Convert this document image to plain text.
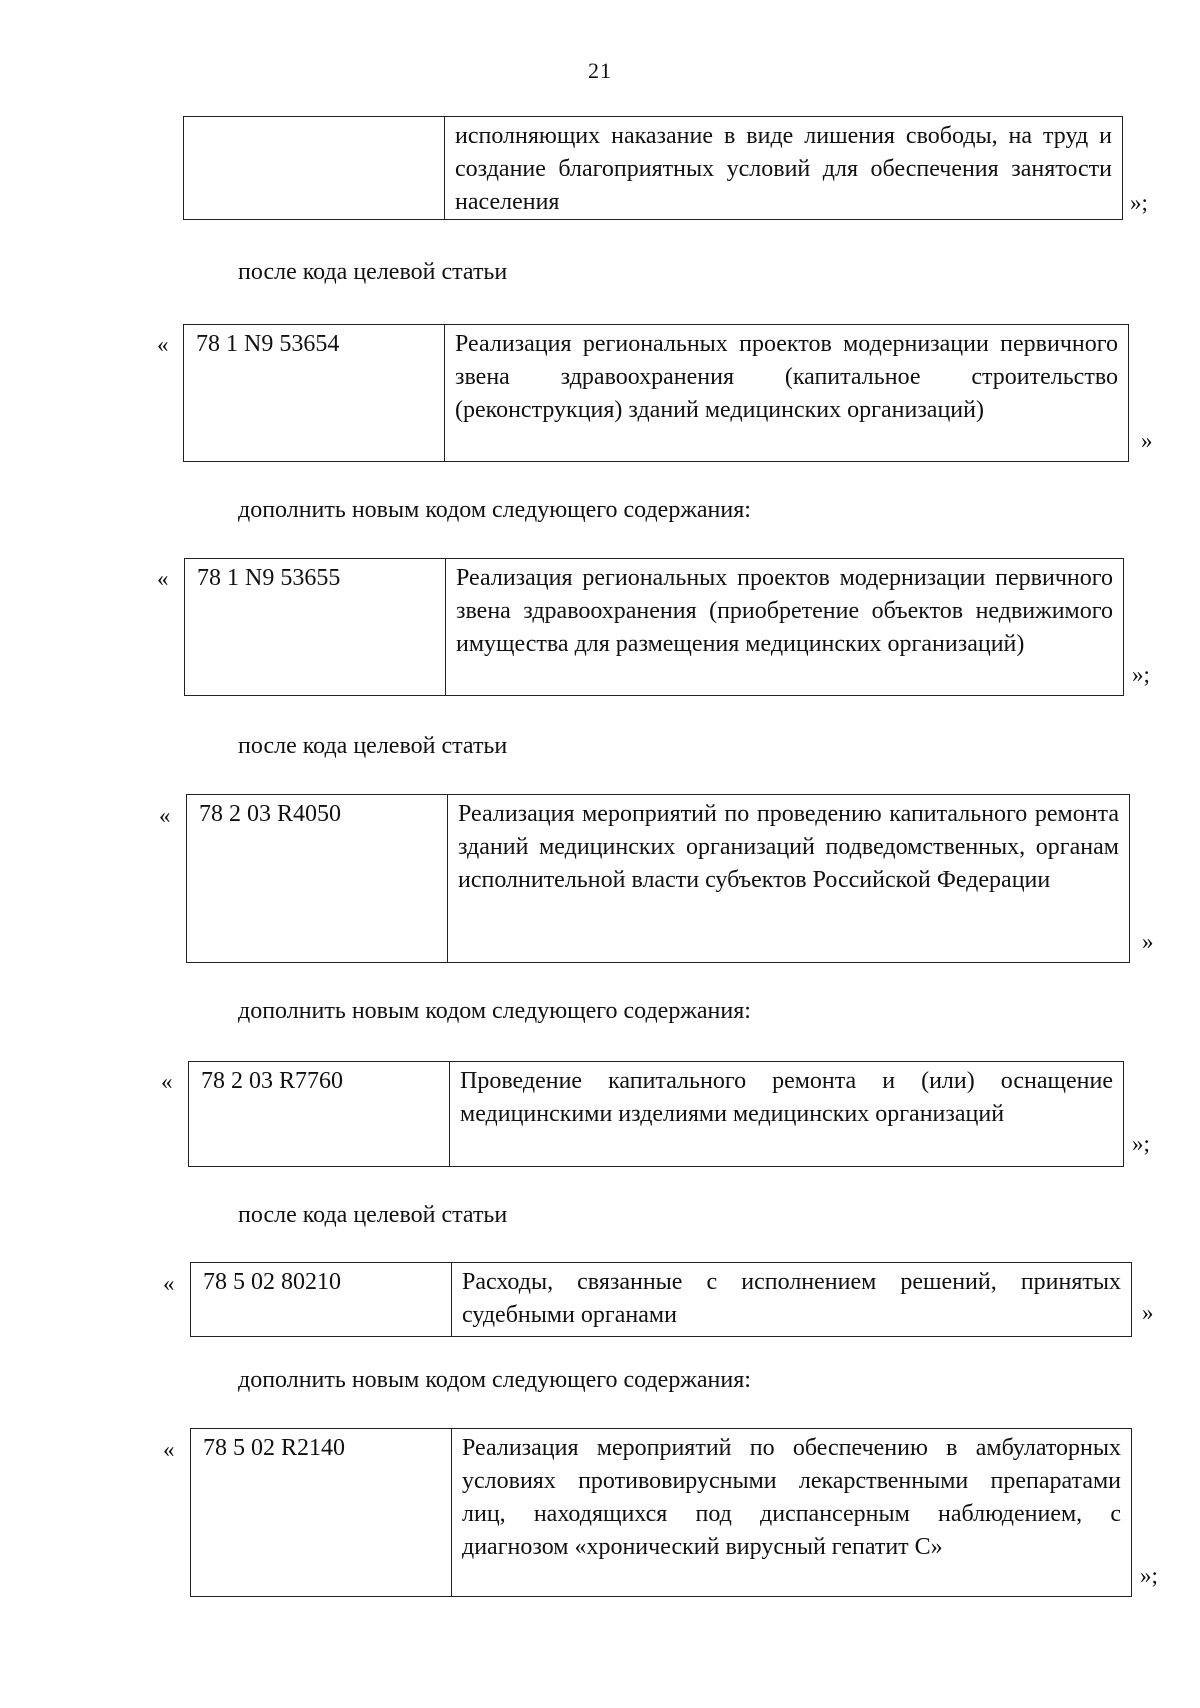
21
	исполняющих наказание в виде лишения свободы, на труд и создание благоприятных условий для обеспечения занятости населения	»;
после кода целевой статьи
« 78 1 N9 53654	Реализация региональных проектов модернизации первичного звена здравоохранения (капитальное строительство (реконструкция) зданий медицинских организаций)
»
дополнить новым кодом следующего содержания:
« 78 1 N9 53655	Реализация региональных проектов модернизации первичного звена здравоохранения (приобретение объектов недвижимого имущества для размещения медицинских организаций)
»;
после кода целевой статьи
« 78 2 03 R4050	Реализация мероприятий по проведению капитального ремонта зданий медицинских организаций подведомственных, органам исполнительной власти субъектов Российской Федерации
»
дополнить новым кодом следующего содержания:
« 78 2 03 R7760	Проведение капитального ремонта и (или) оснащение медицинскими изделиями медицинских организаций
»;
после кода целевой статьи
« 78 5 02 80210	Расходы, связанные с исполнением решений, принятых судебными органами	»
дополнить новым кодом следующего содержания:
« 78 5 02 R2140	Реализация мероприятий по обеспечению в амбулаторных условиях противовирусными лекарственными препаратами лиц, находящихся под диспансерным наблюдением, с диагнозом «хронический вирусный гепатит С»
»;
